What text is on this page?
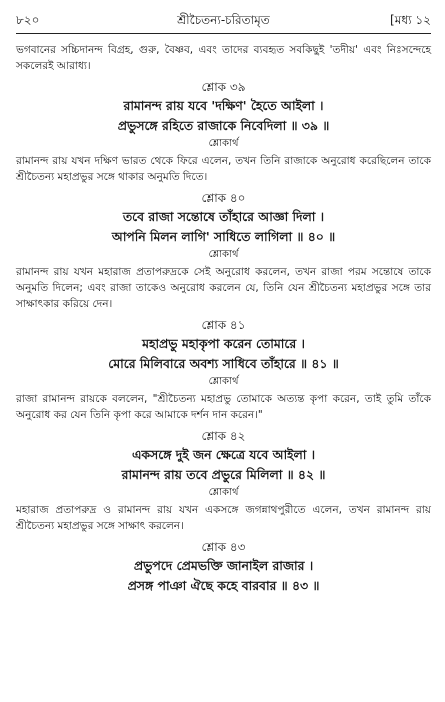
৮২০	শ্রীচৈতন্য-চরিতামৃত	[মধ্য ১২

ভগবানের সচ্চিদানন্দ বিগ্রহ, গুরু, বৈষ্ণব, এবং তাদের ব্যবহৃত সবকিছুই 'তদীয়' এবং নিঃসন্দেহে সকলেরই আরাধ্য।

শ্লোক ৩৯

রামানন্দ রায় যবে 'দক্ষিণ' হৈতে আইলা ।

প্রভুসঙ্গে রহিতে রাজাকে নিবেদিলা ॥ ৩৯ ॥

শ্লোকার্থ

রামানন্দ রায় যখন দক্ষিণ ভারত থেকে ফিরে এলেন, তখন তিনি রাজাকে অনুরোধ করেছিলেন তাকে শ্রীচৈতন্য মহাপ্রভুর সঙ্গে থাকার অনুমতি দিতে।

শ্লোক ৪০

তবে রাজা সন্তোষে তাঁহারে আজ্ঞা দিলা ।

আপনি মিলন লাগি' সাধিতে লাগিলা ॥ ৪০ ॥

শ্লোকার্থ

রামানন্দ রায় যখন মহারাজ প্রতাপরুদ্রকে সেই অনুরোধ করলেন, তখন রাজা পরম সন্তোষে তাকে অনুমতি দিলেন; এবং রাজা তাকেও অনুরোধ করলেন যে, তিনি যেন শ্রীচৈতন্য মহাপ্রভুর সঙ্গে তার সাক্ষাৎকার করিয়ে দেন।

শ্লোক ৪১

মহাপ্রভু মহাকৃপা করেন তোমারে ।

মোরে মিলিবারে অবশ্য সাধিবে তাঁহারে ॥ ৪১ ॥

শ্লোকার্থ

রাজা রামানন্দ রায়কে বললেন, "শ্রীচৈতন্য মহাপ্রভু তোমাকে অত্যন্ত কৃপা করেন, তাই তুমি তাঁকে অনুরোধ কর যেন তিনি কৃপা করে আমাকে দর্শন দান করেন।"

শ্লোক ৪২

একসঙ্গে দুই জন ক্ষেত্রে যবে আইলা ।

রামানন্দ রায় তবে প্রভুরে মিলিলা ॥ ৪২ ॥

শ্লোকার্থ

মহারাজ প্রতাপরুদ্র ও রামানন্দ রায় যখন একসঙ্গে জগন্নাথপুরীতে এলেন, তখন রামানন্দ রায় শ্রীচৈতন্য মহাপ্রভুর সঙ্গে সাক্ষাৎ করলেন।

শ্লোক ৪৩

প্রভুপদে প্রেমভক্তি জানাইল রাজার ।

প্রসঙ্গ পাঞা ঐছে কহে বারবার ॥ ৪৩ ॥
